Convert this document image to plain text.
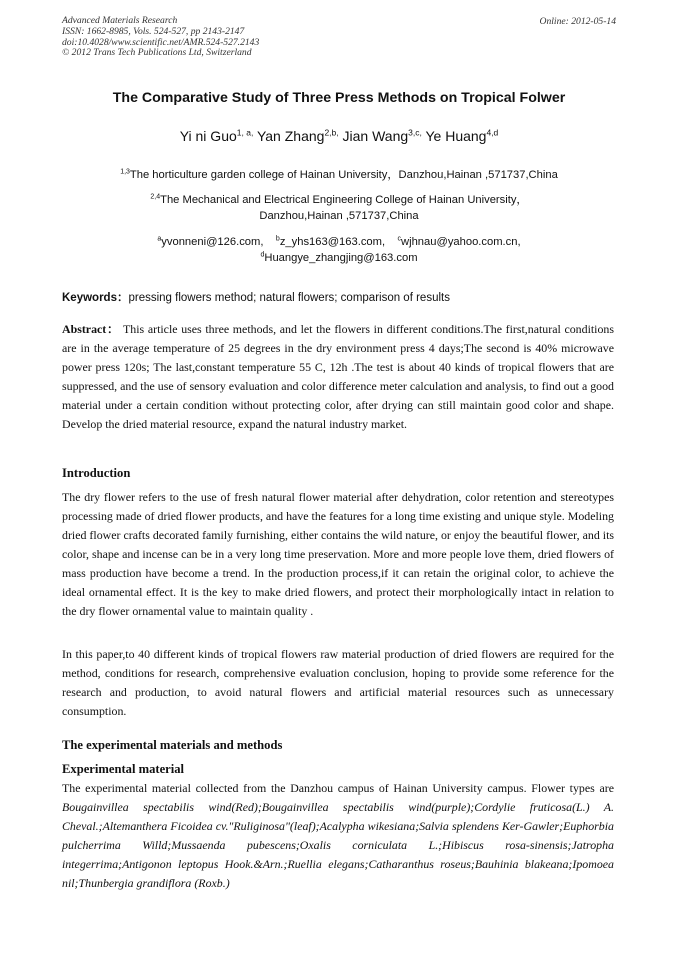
Advanced Materials Research
ISSN: 1662-8985, Vols. 524-527, pp 2143-2147
doi:10.4028/www.scientific.net/AMR.524-527.2143
© 2012 Trans Tech Publications Ltd, Switzerland
Online: 2012-05-14
The Comparative Study of Three Press Methods on Tropical Folwer
Yi ni Guo$^{1, a,}$ Yan Zhang$^{2,b,}$ Jian Wang$^{3,c,}$ Ye Huang$^{4,d}$
$^{1,3}$The horticulture garden college of Hainan University，Danzhou,Hainan ,571737,China
$^{2,4}$The Mechanical and Electrical Engineering College of Hainan University，
Danzhou,Hainan ,571737,China
$^a$yvonneni@126.com, $^b$z_yhs163@163.com, $^c$wjhnau@yahoo.com.cn,
$^d$Huangye_zhangjing@163.com
Keywords：pressing flowers method; natural flowers; comparison of results
Abstract： This article uses three methods, and let the flowers in different conditions.The first,natural conditions are in the average temperature of 25 degrees in the dry environment press 4 days;The second is 40% microwave power press 120s; The last,constant temperature 55 C, 12h .The test is about 40 kinds of tropical flowers that are suppressed, and the use of sensory evaluation and color difference meter calculation and analysis, to find out a good material under a certain condition without protecting color, after drying can still maintain good color and shape. Develop the dried material resource, expand the natural industry market.
Introduction
The dry flower refers to the use of fresh natural flower material after dehydration, color retention and stereotypes processing made of dried flower products, and have the features for a long time existing and unique style. Modeling dried flower crafts decorated family furnishing, either contains the wild nature, or enjoy the beautiful flower, and its color, shape and incense can be in a very long time preservation. More and more people love them, dried flowers of mass production have become a trend. In the production process,if it can retain the original color, to achieve the ideal ornamental effect. It is the key to make dried flowers, and protect their morphologically intact in relation to the dry flower ornamental value to maintain quality .
In this paper,to 40 different kinds of tropical flowers raw material production of dried flowers are required for the method, conditions for research, comprehensive evaluation conclusion, hoping to provide some reference for the research and production, to avoid natural flowers and artificial material resources such as unnecessary consumption.
The experimental materials and methods
Experimental material
The experimental material collected from the Danzhou campus of Hainan University campus. Flower types are Bougainvillea spectabilis wind(Red);Bougainvillea spectabilis wind(purple);Cordylie fruticosa(L.) A. Cheval.;Altemanthera Ficoidea cv."Ruliginosa"(leaf);Acalypha wikesiana;Salvia splendens Ker-Gawler;Euphorbia pulcherrima Willd;Mussaenda pubescens;Oxalis corniculata L.;Hibiscus rosa-sinensis;Jatropha integerrima;Antigonon leptopus Hook.&Arn.;Ruellia elegans;Catharanthus roseus;Bauhinia blakeana;Ipomoea nil;Thunbergia grandiflora (Roxb.)
